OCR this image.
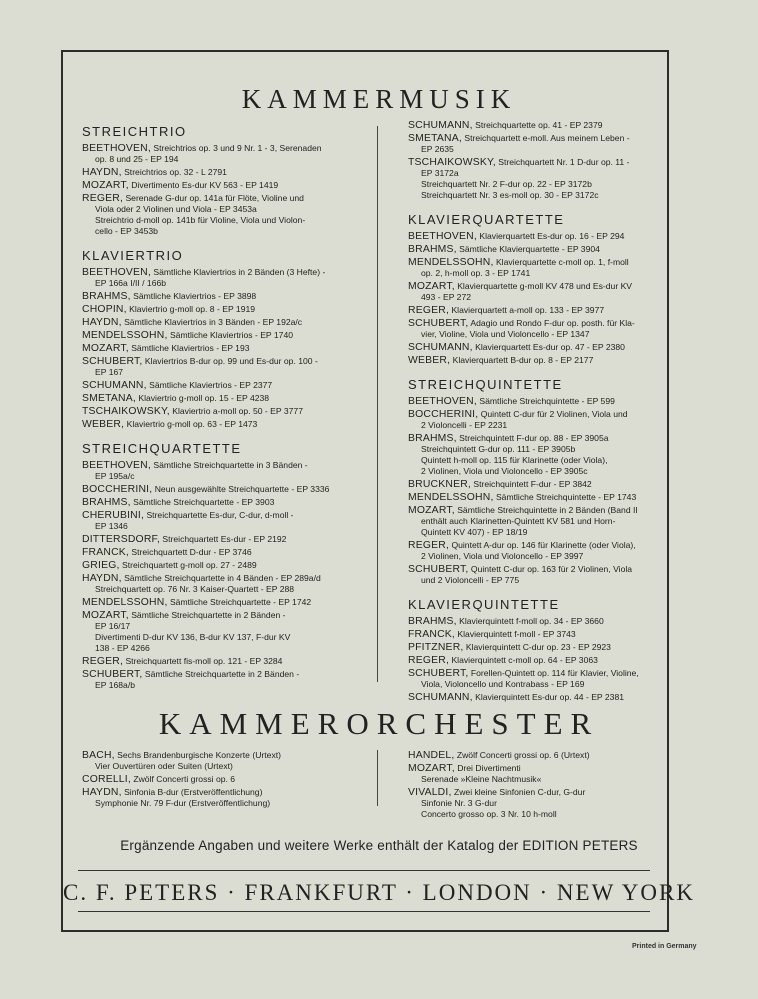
KAMMERMUSIK
STREICHTRIO
BEETHOVEN, Streichtrios op. 3 und 9 Nr. 1 - 3, Serenaden
op. 8 und 25 - EP 194
HAYDN, Streichtrios op. 32 - L 2791
MOZART, Divertimento Es-dur KV 563 - EP 1419
REGER, Serenade G-dur op. 141a für Flöte, Violine und
Viola oder 2 Violinen und Viola - EP 3453a
Streichtrio d-moll op. 141b für Violine, Viola und Violon-
cello - EP 3453b
KLAVIERTRIO
BEETHOVEN, Sämtliche Klaviertrios in 2 Bänden (3 Hefte) -
EP 166a I/II / 166b
BRAHMS, Sämtliche Klaviertrios - EP 3898
CHOPIN, Klaviertrio g-moll op. 8 - EP 1919
HAYDN, Sämtliche Klaviertrios in 3 Bänden - EP 192a/c
MENDELSSOHN, Sämtliche Klaviertrios - EP 1740
MOZART, Sämtliche Klaviertrios - EP 193
SCHUBERT, Klaviertrios B-dur op. 99 und Es-dur op. 100 -
EP 167
SCHUMANN, Sämtliche Klaviertrios - EP 2377
SMETANA, Klaviertrio g-moll op. 15 - EP 4238
TSCHAIKOWSKY, Klaviertrio a-moll op. 50 - EP 3777
WEBER, Klaviertrio g-moll op. 63 - EP 1473
STREICHQUARTETTE
BEETHOVEN, Sämtliche Streichquartette in 3 Bänden -
EP 195a/c
BOCCHERINI, Neun ausgewählte Streichquartette - EP 3336
BRAHMS, Sämtliche Streichquartette - EP 3903
CHERUBINI, Streichquartette Es-dur, C-dur, d-moll -
EP 1346
DITTERSDORF, Streichquartett Es-dur - EP 2192
FRANCK, Streichquartett D-dur - EP 3746
GRIEG, Streichquartett g-moll op. 27 - 2489
HAYDN, Sämtliche Streichquartette in 4 Bänden - EP 289a/d
Streichquartett op. 76 Nr. 3 Kaiser-Quartett - EP 288
MENDELSSOHN, Sämtliche Streichquartette - EP 1742
MOZART, Sämtliche Streichquartette in 2 Bänden -
EP 16/17
Divertimenti D-dur KV 136, B-dur KV 137, F-dur KV
138 - EP 4266
REGER, Streichquartett fis-moll op. 121 - EP 3284
SCHUBERT, Sämtliche Streichquartette in 2 Bänden -
EP 168a/b
SCHUMANN, Streichquartette op. 41 - EP 2379
SMETANA, Streichquartett e-moll. Aus meinem Leben -
EP 2635
TSCHAIKOWSKY, Streichquartett Nr. 1 D-dur op. 11 -
EP 3172a
Streichquartett Nr. 2 F-dur op. 22 - EP 3172b
Streichquartett Nr. 3 es-moll op. 30 - EP 3172c
KLAVIERQUARTETTE
BEETHOVEN, Klavierquartett Es-dur op. 16 - EP 294
BRAHMS, Sämtliche Klavierquartette - EP 3904
MENDELSSOHN, Klavierquartette c-moll op. 1, f-moll
op. 2, h-moll op. 3 - EP 1741
MOZART, Klavierquartette g-moll KV 478 und Es-dur KV
493 - EP 272
REGER, Klavierquartett a-moll op. 133 - EP 3977
SCHUBERT, Adagio und Rondo F-dur op. posth. für Kla-
vier, Violine, Viola und Violoncello - EP 1347
SCHUMANN, Klavierquartett Es-dur op. 47 - EP 2380
WEBER, Klavierquartett B-dur op. 8 - EP 2177
STREICHQUINTETTE
BEETHOVEN, Sämtliche Streichquintette - EP 599
BOCCHERINI, Quintett C-dur für 2 Violinen, Viola und
2 Violoncelli - EP 2231
BRAHMS, Streichquintett F-dur op. 88 - EP 3905a
Streichquintett G-dur op. 111 - EP 3905b
Quintett h-moll op. 115 für Klarinette (oder Viola),
2 Violinen, Viola und Violoncello - EP 3905c
BRUCKNER, Streichquintett F-dur - EP 3842
MENDELSSOHN, Sämtliche Streichquintette - EP 1743
MOZART, Sämtliche Streichquintette in 2 Bänden (Band II
enthält auch Klarinetten-Quintett KV 581 und Horn-
Quintett KV 407) - EP 18/19
REGER, Quintett A-dur op. 146 für Klarinette (oder Viola),
2 Violinen, Viola und Violoncello - EP 3997
SCHUBERT, Quintett C-dur op. 163 für 2 Violinen, Viola
und 2 Violoncelli - EP 775
KLAVIERQUINTETTE
BRAHMS, Klavierquintett f-moll op. 34 - EP 3660
FRANCK, Klavierquintett f-moll - EP 3743
PFITZNER, Klavierquintett C-dur op. 23 - EP 2923
REGER, Klavierquintett c-moll op. 64 - EP 3063
SCHUBERT, Forellen-Quintett op. 114 für Klavier, Violine,
Viola, Violoncello und Kontrabass - EP 169
SCHUMANN, Klavierquintett Es-dur op. 44 - EP 2381
KAMMERORCHESTER
BACH, Sechs Brandenburgische Konzerte (Urtext)
Vier Ouvertüren oder Suiten (Urtext)
CORELLI, Zwölf Concerti grossi op. 6
HAYDN, Sinfonia B-dur (Erstveröffentlichung)
Symphonie Nr. 79 F-dur (Erstveröffentlichung)
HANDEL, Zwölf Concerti grossi op. 6 (Urtext)
MOZART, Drei Divertimenti
Serenade »Kleine Nachtmusik«
VIVALDI, Zwei kleine Sinfonien C-dur, G-dur
Sinfonie Nr. 3 G-dur
Concerto grosso op. 3 Nr. 10 h-moll
Ergänzende Angaben und weitere Werke enthält der Katalog der EDITION PETERS
C. F. PETERS · FRANKFURT · LONDON · NEW YORK
Printed in Germany
